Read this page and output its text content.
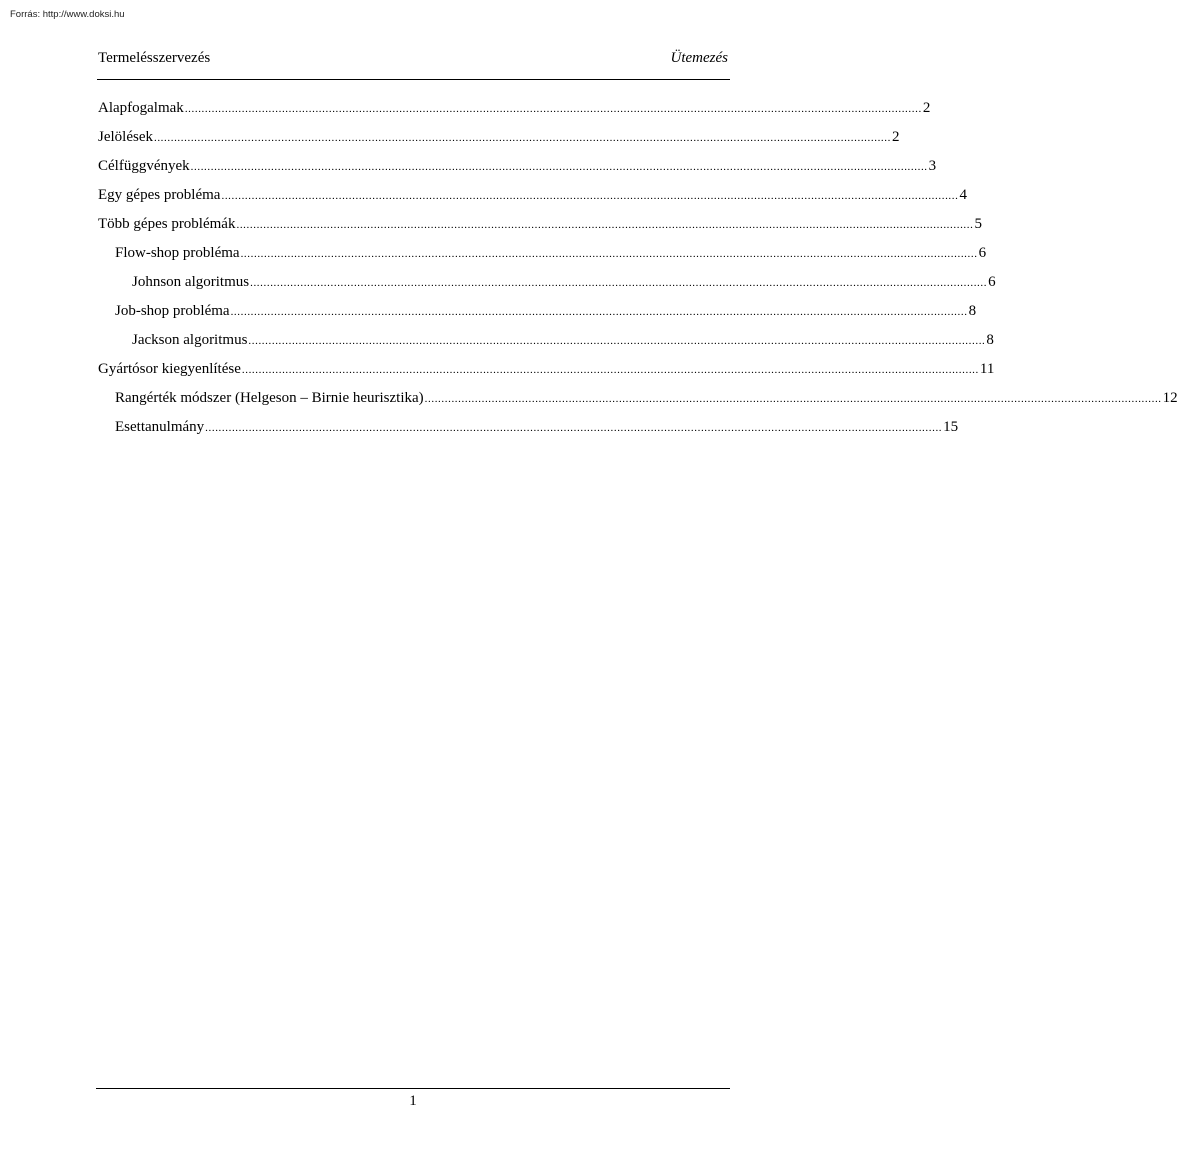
Forrás: http://www.doksi.hu
Termelésszervezés	Ütemezés
Alapfogalmak ............................................................................................................................................................................................................................ 2
Jelölések ............................................................................................................................................................................................................................ 2
Célfüggvények ............................................................................................................................................................................................................................ 3
Egy gépes probléma ............................................................................................................................................................................................................................ 4
Több gépes problémák ............................................................................................................................................................................................................................ 5
Flow-shop probléma ............................................................................................................................................................................................................................ 6
Johnson algoritmus ............................................................................................................................................................................................................................ 6
Job-shop probléma ............................................................................................................................................................................................................................ 8
Jackson algoritmus ............................................................................................................................................................................................................................ 8
Gyártósor kiegyenlítése ............................................................................................................................................................................................................................ 11
Rangérték módszer (Helgeson – Birnie heurisztika) ............................................................................................................................................................................................................................ 12
Esettanulmány ............................................................................................................................................................................................................................ 15
1
